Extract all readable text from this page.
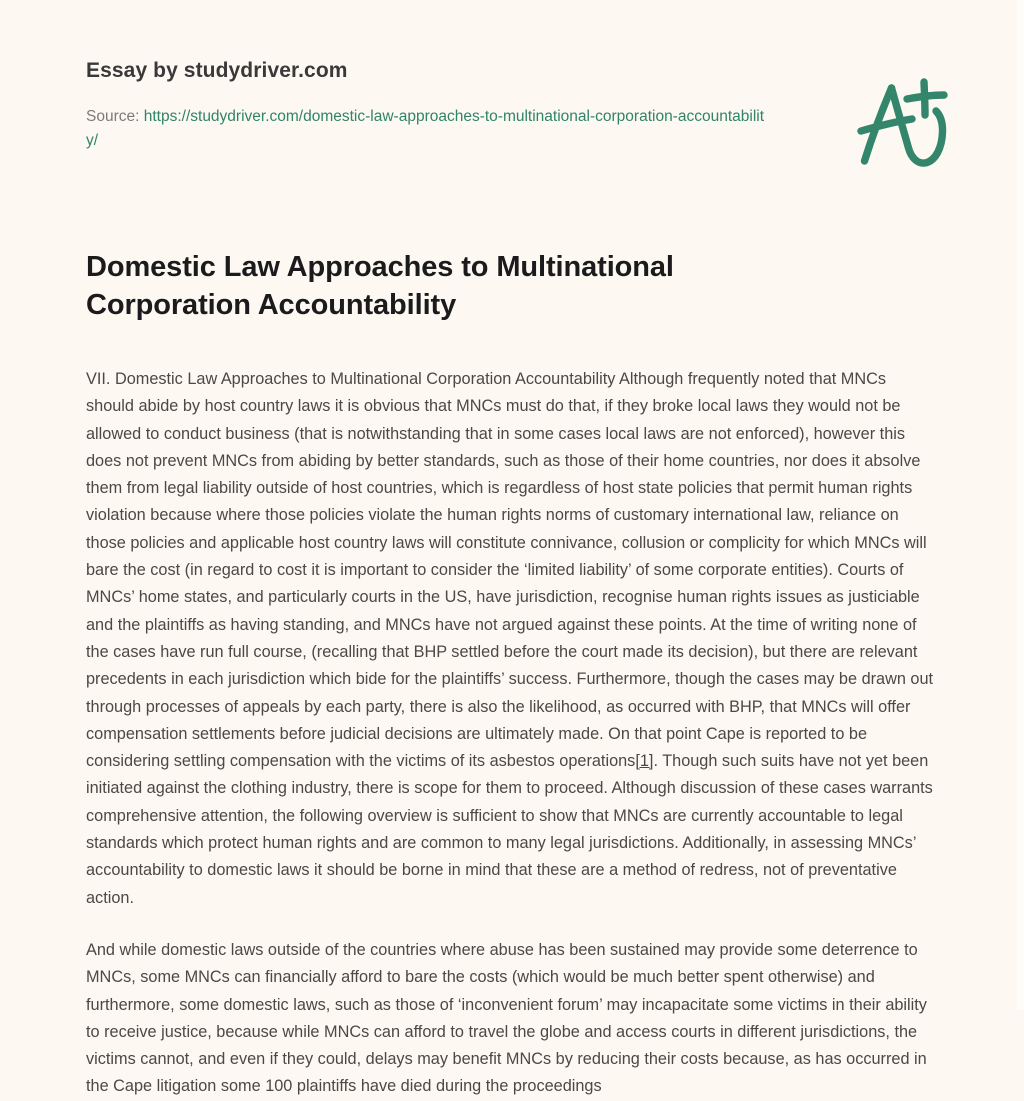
Essay by studydriver.com
Source: https://studydriver.com/domestic-law-approaches-to-multinational-corporation-accountability/
Domestic Law Approaches to Multinational Corporation Accountability

VII. Domestic Law Approaches to Multinational Corporation Accountability Although frequently noted that MNCs should abide by host country laws it is obvious that MNCs must do that, if they broke local laws they would not be allowed to conduct business (that is notwithstanding that in some cases local laws are not enforced), however this does not prevent MNCs from abiding by better standards, such as those of their home countries, nor does it absolve them from legal liability outside of host countries, which is regardless of host state policies that permit human rights violation because where those policies violate the human rights norms of customary international law, reliance on those policies and applicable host country laws will constitute connivance, collusion or complicity for which MNCs will bare the cost (in regard to cost it is important to consider the ‘limited liability’ of some corporate entities). Courts of MNCs’ home states, and particularly courts in the US, have jurisdiction, recognise human rights issues as justiciable and the plaintiffs as having standing, and MNCs have not argued against these points. At the time of writing none of the cases have run full course, (recalling that BHP settled before the court made its decision), but there are relevant precedents in each jurisdiction which bide for the plaintiffs’ success. Furthermore, though the cases may be drawn out through processes of appeals by each party, there is also the likelihood, as occurred with BHP, that MNCs will offer compensation settlements before judicial decisions are ultimately made. On that point Cape is reported to be considering settling compensation with the victims of its asbestos operations[1]. Though such suits have not yet been initiated against the clothing industry, there is scope for them to proceed. Although discussion of these cases warrants comprehensive attention, the following overview is sufficient to show that MNCs are currently accountable to legal standards which protect human rights and are common to many legal jurisdictions. Additionally, in assessing MNCs’ accountability to domestic laws it should be borne in mind that these are a method of redress, not of preventative action.

And while domestic laws outside of the countries where abuse has been sustained may provide some deterrence to MNCs, some MNCs can financially afford to bare the costs (which would be much better spent otherwise) and furthermore, some domestic laws, such as those of ‘inconvenient forum’ may incapacitate some victims in their ability to receive justice, because while MNCs can afford to travel the globe and access courts in different jurisdictions, the victims cannot, and even if they could, delays may benefit MNCs by reducing their costs because, as has occurred in the Cape litigation some 100 plaintiffs have died during the proceedings
